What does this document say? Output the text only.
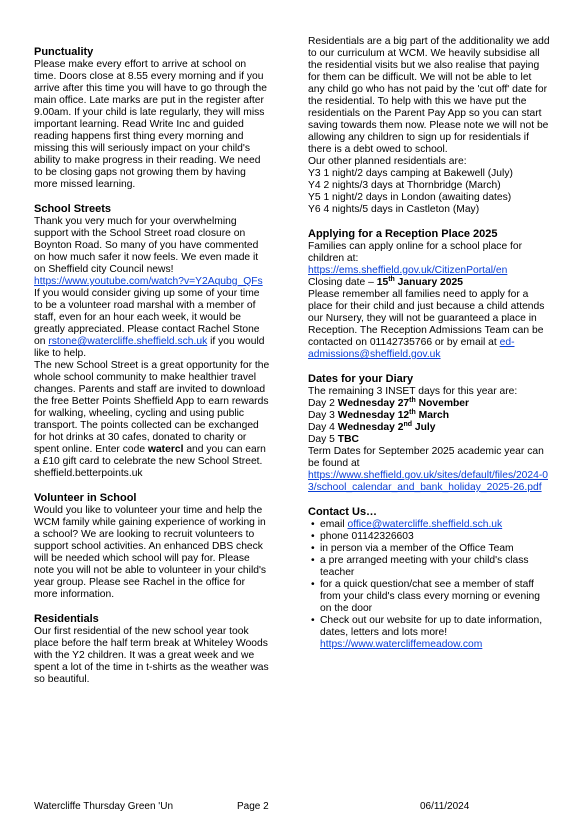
Punctuality

Please make every effort to arrive at school on time. Doors close at 8.55 every morning and if you arrive after this time you will have to go through the main office. Late marks are put in the register after 9.00am. If your child is late regularly, they will miss important learning. Read Write Inc and guided reading happens first thing every morning and missing this will seriously impact on your child's ability to make progress in their reading. We need to be closing gaps not growing them by having more missed learning.

School Streets

Thank you very much for your overwhelming support with the School Street road closure on Boynton Road. So many of you have commented on how much safer it now feels. We even made it on Sheffield city Council news!

https://www.youtube.com/watch?v=Y2Aqubg_QFs

If you would consider giving up some of your time to be a volunteer road marshal with a member of staff, even for an hour each week, it would be greatly appreciated. Please contact Rachel Stone

on rstone@watercliffe.sheffield.sch.uk if you would like to help.

The new School Street is a great opportunity for the whole school community to make healthier travel changes. Parents and staff are invited to download the free Better Points Sheffield App to earn rewards for walking, wheeling, cycling and using public transport. The points collected can be exchanged for hot drinks at 30 cafes, donated to charity or spent online. Enter code watercl and you can earn a £10 gift card to celebrate the new School Street.
sheffield.betterpoints.uk

Volunteer in School

Would you like to volunteer your time and help the WCM family while gaining experience of working in a school? We are looking to recruit volunteers to support school activities. An enhanced DBS check will be needed which school will pay for. Please note you will not be able to volunteer in your child's year group. Please see Rachel in the office for more information.

Residentials

Our first residential of the new school year took place before the half term break at Whiteley Woods with the Y2 children. It was a great week and we spent a lot of the time in t-shirts as the weather was so beautiful.

Residentials are a big part of the additionality we add to our curriculum at WCM. We heavily subsidise all the residential visits but we also realise that paying for them can be difficult. We will not be able to let any child go who has not paid by the 'cut off' date for the residential. To help with this we have put the residentials on the Parent Pay App so you can start saving towards them now. Please note we will not be allowing any children to sign up for residentials if there is a debt owed to school.

Our other planned residentials are:

Y3 1 night/2 days camping at Bakewell (July)
Y4 2 nights/3 days at Thornbridge (March)
Y5 1 night/2 days in London (awaiting dates)
Y6 4 nights/5 days in Castleton (May)
Applying for a Reception Place 2025

Families can apply online for a school place for children at:

https://ems.sheffield.gov.uk/CitizenPortal/en

Closing date – 15th January 2025

Please remember all families need to apply for a place for their child and just because a child attends our Nursery, they will not be guaranteed a place in Reception. The Reception Admissions Team can be contacted on 01142735766 or by email at ed-admissions@sheffield.gov.uk

Dates for your Diary

The remaining 3 INSET days for this year are:

Day 2 Wednesday 27th November

Day 3 Wednesday 12th March

Day 4 Wednesday 2nd July

Day 5 TBC

Term Dates for September 2025 academic year can be found at

https://www.sheffield.gov.uk/sites/default/files/2024-03/school_calendar_and_bank_holiday_2025-26.pdf
Contact Us…
• email office@watercliffe.sheffield.sch.uk
• phone 01142326603
• in person via a member of the Office Team
• a pre arranged meeting with your child's class teacher
• for a quick question/chat see a member of staff from your child's class every morning or evening on the door
• Check out our website for up to date information, dates, letters and lots more!
https://www.watercliffemeadow.com
Watercliffe Thursday Green 'Un	Page 2	06/11/2024
